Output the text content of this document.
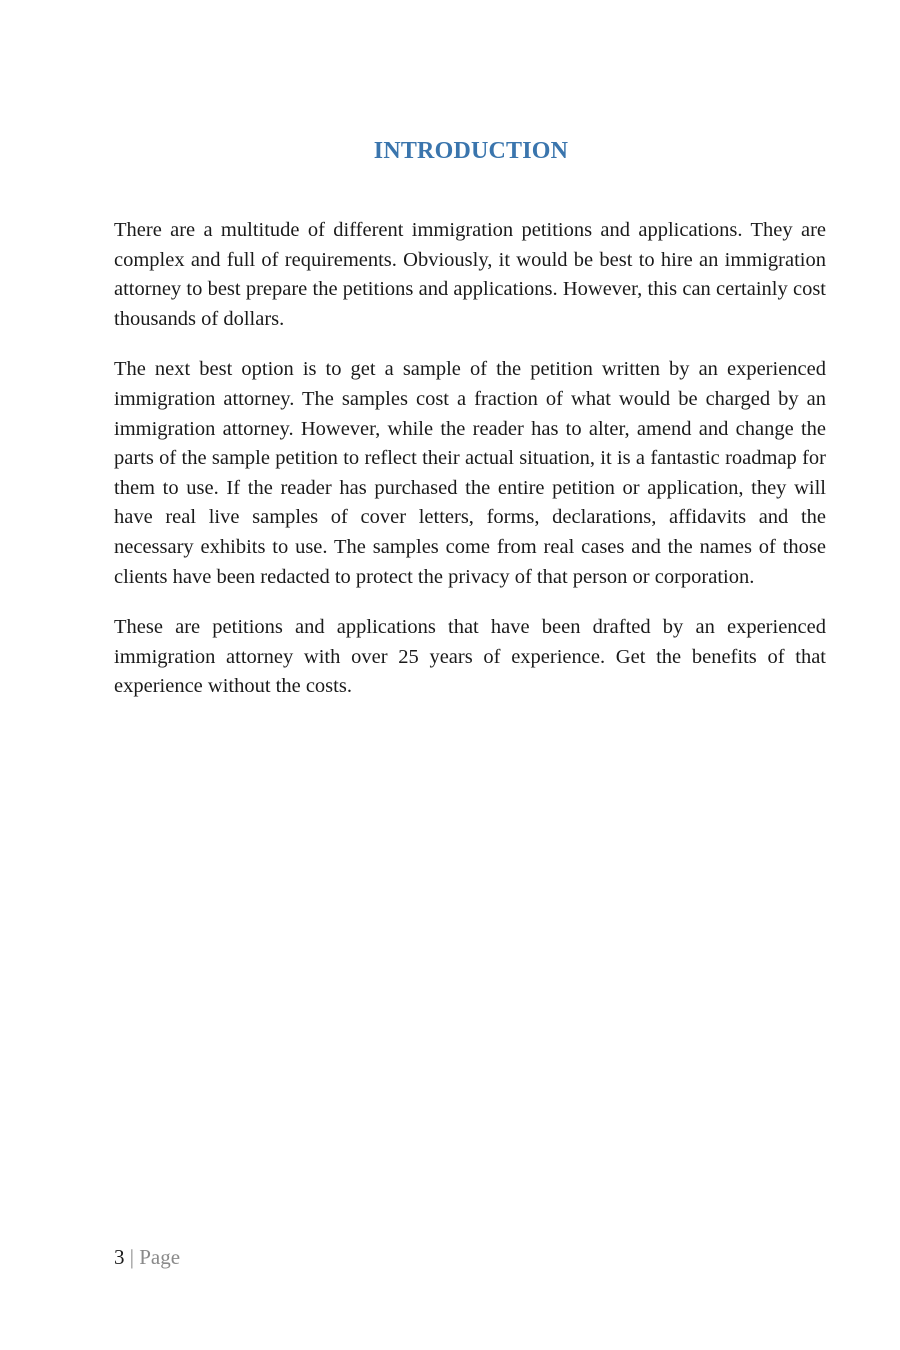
INTRODUCTION

There are a multitude of different immigration petitions and applications. They are complex and full of requirements. Obviously, it would be best to hire an immigration attorney to best prepare the petitions and applications. However, this can certainly cost thousands of dollars.

The next best option is to get a sample of the petition written by an experienced immigration attorney. The samples cost a fraction of what would be charged by an immigration attorney. However, while the reader has to alter, amend and change the parts of the sample petition to reflect their actual situation, it is a fantastic roadmap for them to use. If the reader has purchased the entire petition or application, they will have real live samples of cover letters, forms, declarations, affidavits and the necessary exhibits to use. The samples come from real cases and the names of those clients have been redacted to protect the privacy of that person or corporation.

These are petitions and applications that have been drafted by an experienced immigration attorney with over 25 years of experience. Get the benefits of that experience without the costs.

3 | Page
